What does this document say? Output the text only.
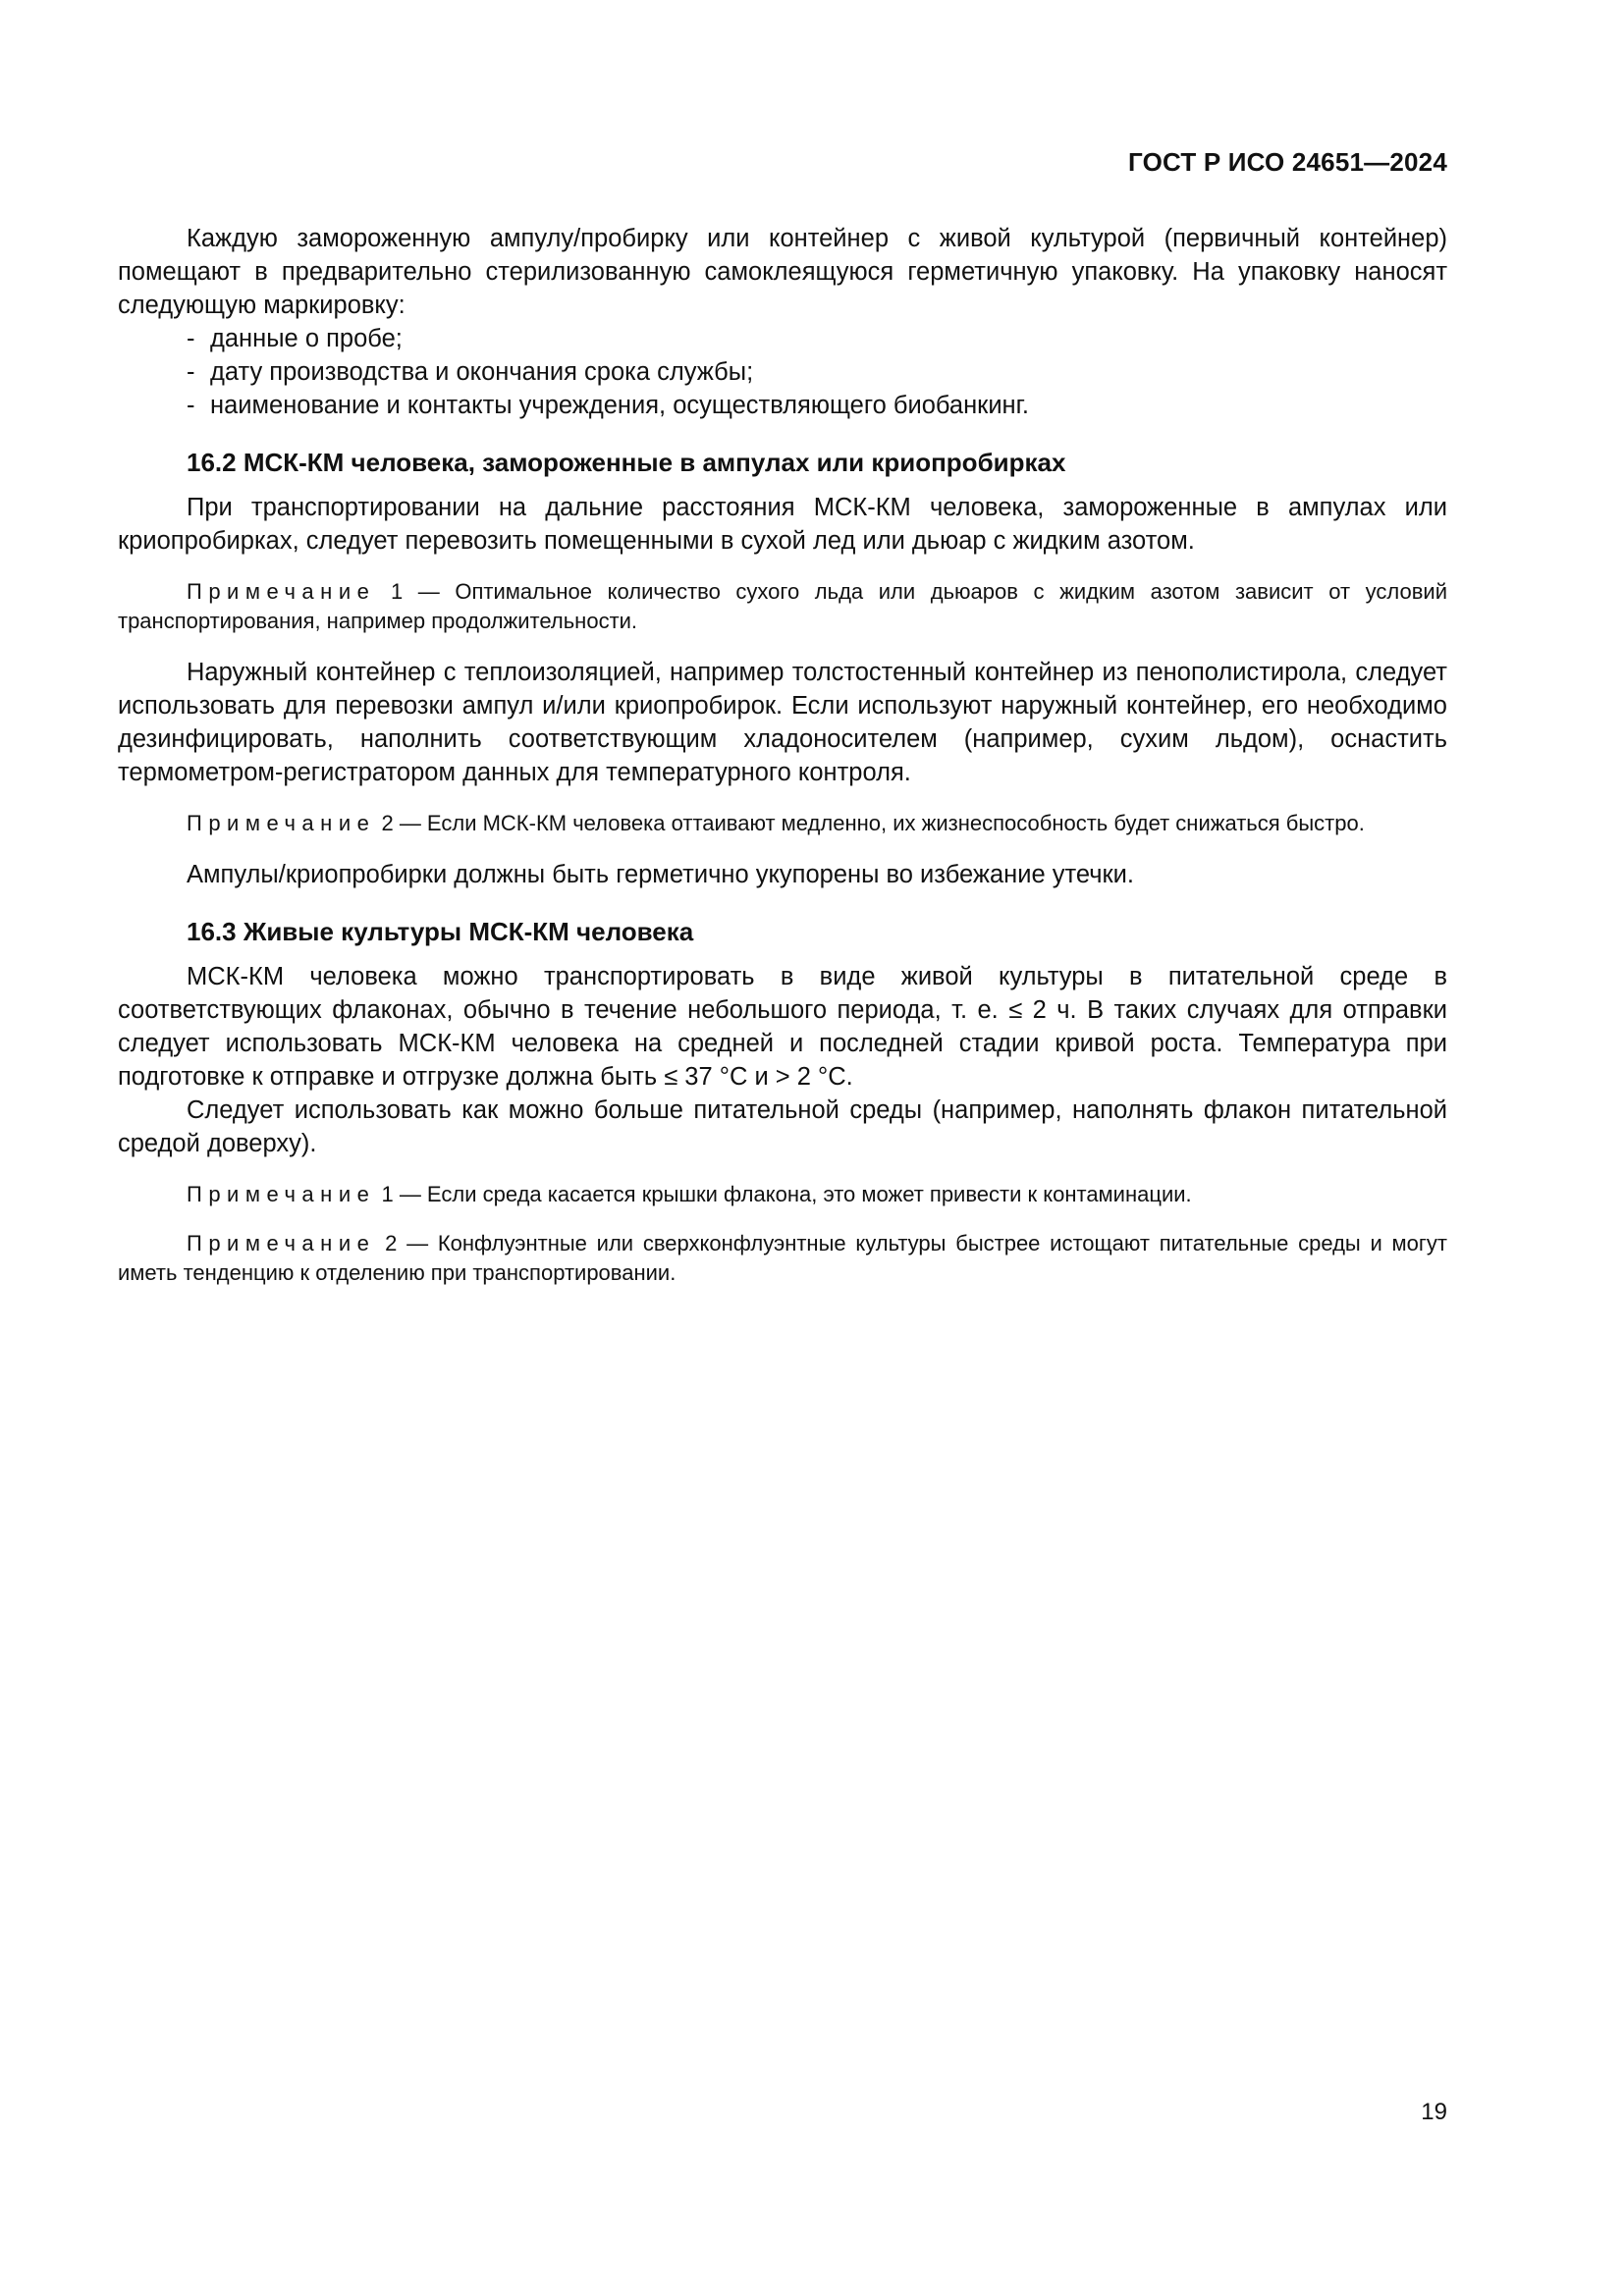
ГОСТ Р ИСО 24651—2024

Каждую замороженную ампулу/пробирку или контейнер с живой культурой (первичный контейнер) помещают в предварительно стерилизованную самоклеящуюся герметичную упаковку. На упаковку наносят следующую маркировку:

- данные о пробе;
- дату производства и окончания срока службы;
- наименование и контакты учреждения, осуществляющего биобанкинг.
16.2 МСК-КМ человека, замороженные в ампулах или криопробирках

При транспортировании на дальние расстояния МСК-КМ человека, замороженные в ампулах или криопробирках, следует перевозить помещенными в сухой лед или дьюар с жидким азотом.

Примечание 1 — Оптимальное количество сухого льда или дьюаров с жидким азотом зависит от условий транспортирования, например продолжительности.

Наружный контейнер с теплоизоляцией, например толстостенный контейнер из пенополистирола, следует использовать для перевозки ампул и/или криопробирок. Если используют наружный контейнер, его необходимо дезинфицировать, наполнить соответствующим хладоносителем (например, сухим льдом), оснастить термометром-регистратором данных для температурного контроля.

Примечание 2 — Если МСК-КМ человека оттаивают медленно, их жизнеспособность будет снижаться быстро.

Ампулы/криопробирки должны быть герметично укупорены во избежание утечки.

16.3 Живые культуры МСК-КМ человека

МСК-КМ человека можно транспортировать в виде живой культуры в питательной среде в соответствующих флаконах, обычно в течение небольшого периода, т. е. ≤ 2 ч. В таких случаях для отправки следует использовать МСК-КМ человека на средней и последней стадии кривой роста. Температура при подготовке к отправке и отгрузке должна быть ≤ 37 °С и > 2 °С.

Следует использовать как можно больше питательной среды (например, наполнять флакон питательной средой доверху).

Примечание 1 — Если среда касается крышки флакона, это может привести к контаминации.

Примечание 2 — Конфлуэнтные или сверхконфлуэнтные культуры быстрее истощают питательные среды и могут иметь тенденцию к отделению при транспортировании.

19
